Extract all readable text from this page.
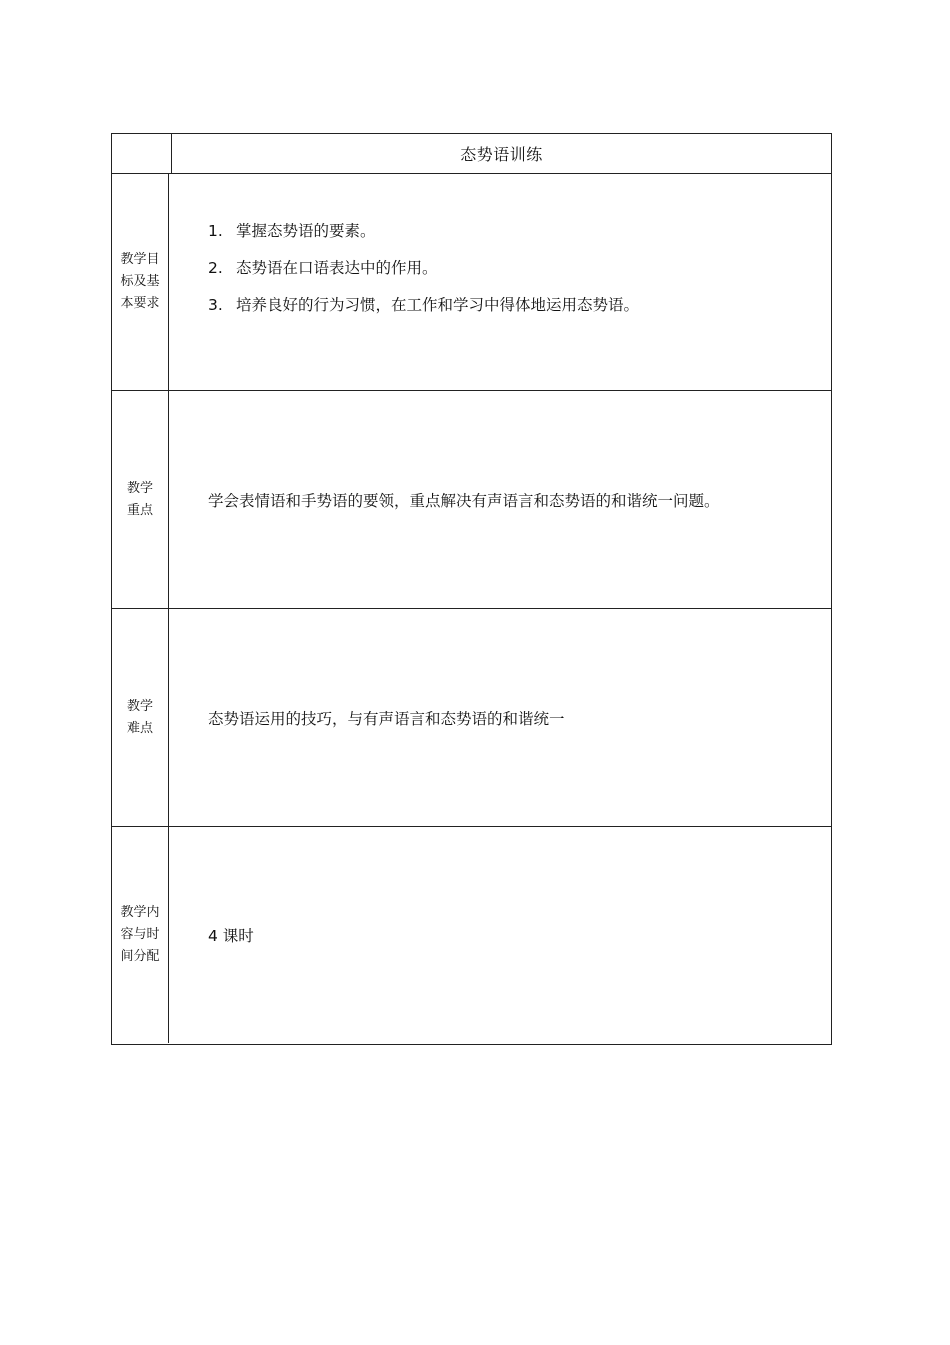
态势语训练
教学目标及基本要求
1. 掌握态势语的要素。
2. 态势语在口语表达中的作用。
3. 培养良好的行为习惯，在工作和学习中得体地运用态势语。
教学重点
学会表情语和手势语的要领，重点解决有声语言和态势语的和谐统一问题。
教学难点
态势语运用的技巧，与有声语言和态势语的和谐统一
教学内容与时间分配
4 课时
